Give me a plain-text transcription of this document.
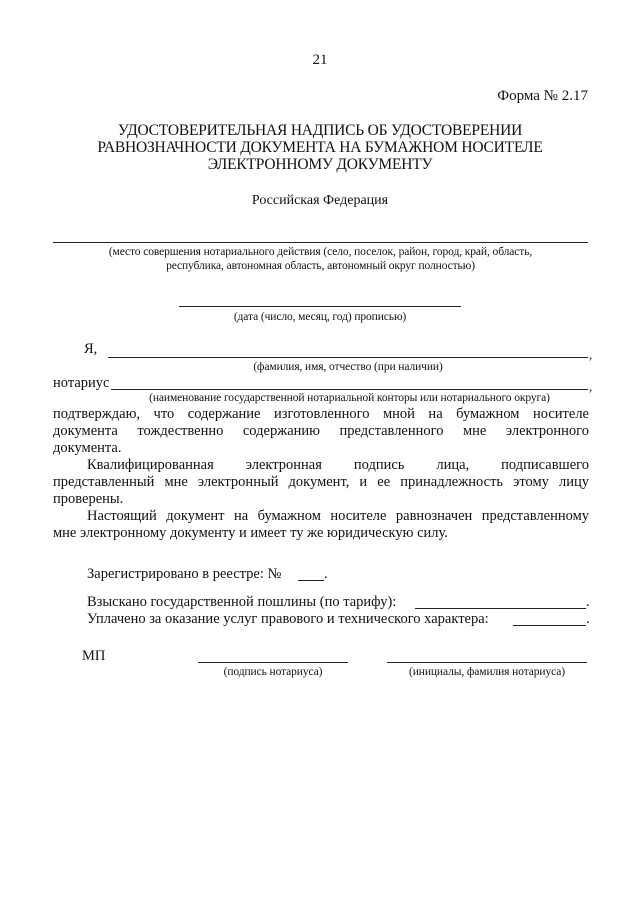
21
Форма № 2.17
УДОСТОВЕРИТЕЛЬНАЯ НАДПИСЬ ОБ УДОСТОВЕРЕНИИ
РАВНОЗНАЧНОСТИ ДОКУМЕНТА НА БУМАЖНОМ НОСИТЕЛЕ
ЭЛЕКТРОННОМУ ДОКУМЕНТУ
Российская Федерация
(место совершения нотариального действия (село, поселок, район, город, край, область,
республика, автономная область, автономный округ полностью)
(дата (число, месяц, год) прописью)
Я,	,
(фамилия, имя, отчество (при наличии)
нотариус	,
(наименование государственной нотариальной конторы или нотариального округа)

подтверждаю, что содержание изготовленного мной на бумажном носителе

документа тождественно содержанию представленного мне электронного

документа.

Квалифицированная электронная подпись лица, подписавшего

представленный мне электронный документ, и ее принадлежность этому лицу

проверены.

Настоящий документ на бумажном носителе равнозначен представленному

мне электронному документу и имеет ту же юридическую силу.

Зарегистрировано в реестре: №	.
Взыскано государственной пошлины (по тарифу):	.
Уплачено за оказание услуг правового и технического характера:	.
МП
(подпись нотариуса)	(инициалы, фамилия нотариуса)
